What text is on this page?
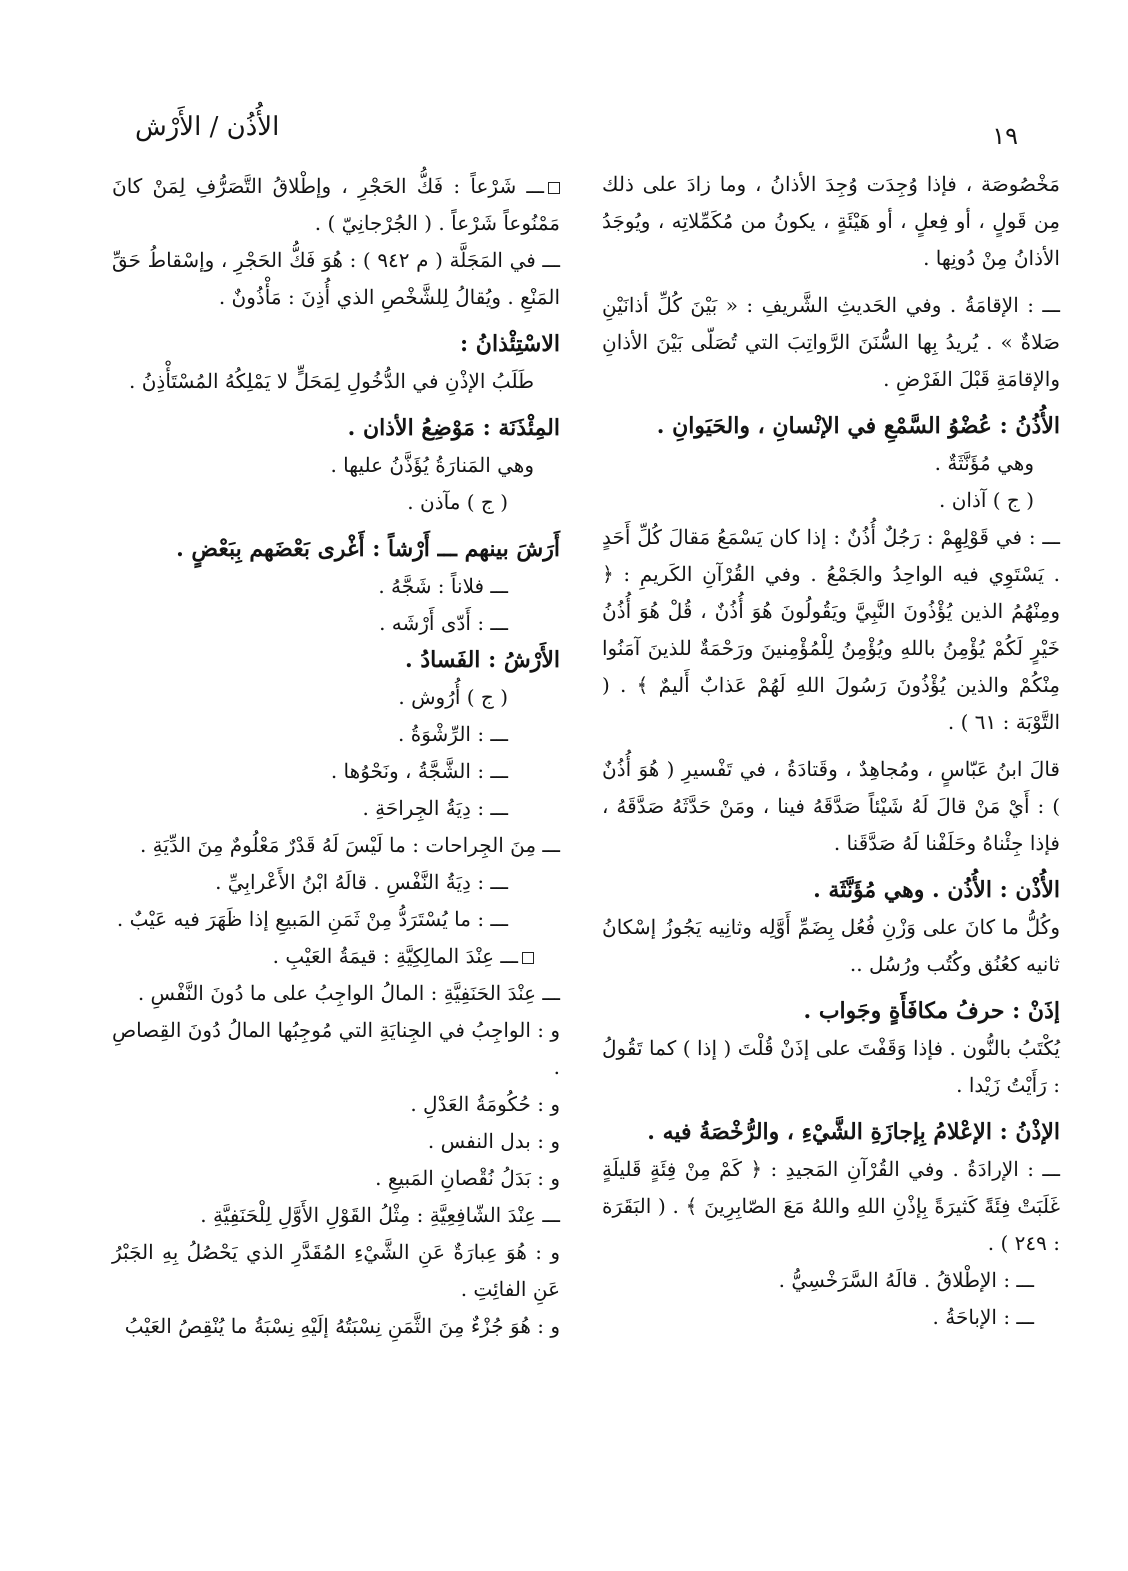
١٩
الأُذُن / الأَرْش

مَخْصُوصَة ، فإذا وُجِدَت وُجِدَ الأذانُ ، وما زادَ على ذلك مِن قَولٍ ، أو فِعلٍ ، أو هَيْئَةٍ ، يكونُ من مُكَمِّلاتِه ، ويُوجَدُ الأذانُ مِنْ دُونِها .

ـــ : الإقامَةُ . وفي الحَديثِ الشَّريفِ : « بَيْنَ كُلِّ أذانَيْنِ صَلاةٌ » . يُريدُ بِها السُّنَنَ الرَّواتِبَ التي تُصَلّى بَيْنَ الأذانِ والإقامَةِ قَبْلَ الفَرْضِ .

الأُذُنُ : عُضْوُ السَّمْعِ في الإنْسانِ ، والحَيَوانِ .

وهي مُؤَنَّثَةٌ .

( ج ) آذان .

ـــ : في قَوْلِهِمْ : رَجُلٌ أُذُنٌ : إذا كان يَسْمَعُ مَقالَ كُلِّ أَحَدٍ . يَسْتَوِي فيه الواحِدُ والجَمْعُ . وفي القُرْآنِ الكَريمِ : ﴿ ومِنْهُمُ الذين يُؤْذُونَ النَّبِيَّ ويَقُولُونَ هُوَ أُذُنٌ ، قُلْ هُوَ أُذُنُ خَيْرٍ لَكُمْ يُؤْمِنُ باللهِ ويُؤْمِنُ لِلْمُؤْمِنينَ ورَحْمَةٌ للذينَ آمَنُوا مِنْكُمْ والذين يُؤْذُونَ رَسُولَ اللهِ لَهُمْ عَذابٌ أَليمٌ ﴾ . ( التَّوْبَة : ٦١ ) .

قالَ ابنُ عَبّاسٍ ، ومُجاهِدٌ ، وقَتادَةُ ، في تَفْسيرِ ( هُوَ أُذُنٌ ) : أَيْ مَنْ قالَ لَهُ شَيْئاً صَدَّقَهُ فينا ، ومَنْ حَدَّثَهُ صَدَّقَهُ ، فإذا جِئْناهُ وحَلَفْنا لَهُ صَدَّقَنا .

الأُذْن : الأُذُن . وهي مُؤَنَّثَة .

وكُلُّ ما كانَ على وَزْنِ فُعُل بِضَمِّ أَوَّلِه وثانِيه يَجُوزُ إسْكانُ ثانيه كعُنُق وكُتُب ورُسُل ..

إذَنْ : حرفُ مكافَأَةٍ وجَواب .

يُكْتَبُ بالنُّون . فإذا وَقَفْتَ على إذَنْ قُلْتَ ( إذا ) كما تَقُولُ : رَأَيْتُ زَيْدا .

الإذْنُ : الإعْلامُ بِإجازَةِ الشَّيْءِ ، والرُّخْصَةُ فيه .

ـــ : الإرادَةُ . وفي القُرْآنِ المَجيدِ : ﴿ كَمْ مِنْ فِئَةٍ قَليلَةٍ غَلَبَتْ فِئَةً كَثيرَةً بِإذْنِ اللهِ واللهُ مَعَ الصّابِرِينَ ﴾ . ( البَقَرَة : ٢٤٩ ) .

ـــ : الإطْلاقُ . قالَهُ السَّرَخْسِيُّ .

ـــ : الإباحَةُ .

ـــ شَرْعاً : فَكُّ الحَجْرِ ، وإطْلاقُ التَّصَرُّفِ لِمَنْ كانَ مَمْنُوعاً شَرْعاً . ( الجُرْجانِيّ ) .

ـــ في المَجَلَّة ( م ٩٤٢ ) : هُوَ فَكُّ الحَجْرِ ، وإسْقاطُ حَقِّ المَنْعِ . ويُقالُ لِلشَّخْصِ الذي أُذِنَ : مَأْذُونٌ .

الاسْتِئْذانُ :

طَلَبُ الإذْنِ في الدُّخُولِ لِمَحَلٍّ لا يَمْلِكُهُ المُسْتَأْذِنُ .

المِئْذَنَة : مَوْضِعُ الأذان .

وهي المَنارَةُ يُؤَذَّنُ عليها .

( ج ) مآذن .

أَرَشَ بينهم ـــ أَرْشاً : أَغْرى بَعْضَهم بِبَعْضٍ .

ـــ فلاناً : شَجَّهُ .

ـــ : أَدّى أَرْشَه .

الأَرْشُ : الفَسادُ .

( ج ) أُرُوش .

ـــ : الرِّشْوَةُ .

ـــ : الشَّجَّةُ ، ونَحْوُها .

ـــ : دِيَةُ الجِراحَةِ .

ـــ مِنَ الجِراحات : ما لَيْسَ لَهُ قَدْرٌ مَعْلُومٌ مِنَ الدِّيَةِ .

ـــ : دِيَةُ النَّفْسِ . قالَهُ ابْنُ الأَعْرابِيِّ .

ـــ : ما يُسْتَرَدُّ مِنْ ثَمَنِ المَبيعِ إذا ظَهَرَ فيه عَيْبٌ .

ـــ عِنْدَ المالِكِيَّةِ : قيمَةُ العَيْبِ .

ـــ عِنْدَ الحَنَفِيَّةِ : المالُ الواجِبُ على ما دُونَ النَّفْسِ .

و : الواجِبُ في الجِنايَةِ التي مُوجِبُها المالُ دُونَ القِصاصِ .

و : حُكُومَةُ العَدْلِ .

و : بدل النفس .

و : بَدَلُ نُقْصانِ المَبيعِ .

ـــ عِنْدَ الشّافِعِيَّةِ : مِثْلُ القَوْلِ الأَوَّلِ لِلْحَنَفِيَّةِ .

و : هُوَ عِبارَةٌ عَنِ الشَّيْءِ المُقَدَّرِ الذي يَحْصُلُ بِهِ الجَبْرُ عَنِ الفائِتِ .

و : هُوَ جُزْءٌ مِنَ الثَّمَنِ نِسْبَتُهُ إلَيْهِ نِسْبَةُ ما يُنْقِصُ العَيْبُ
